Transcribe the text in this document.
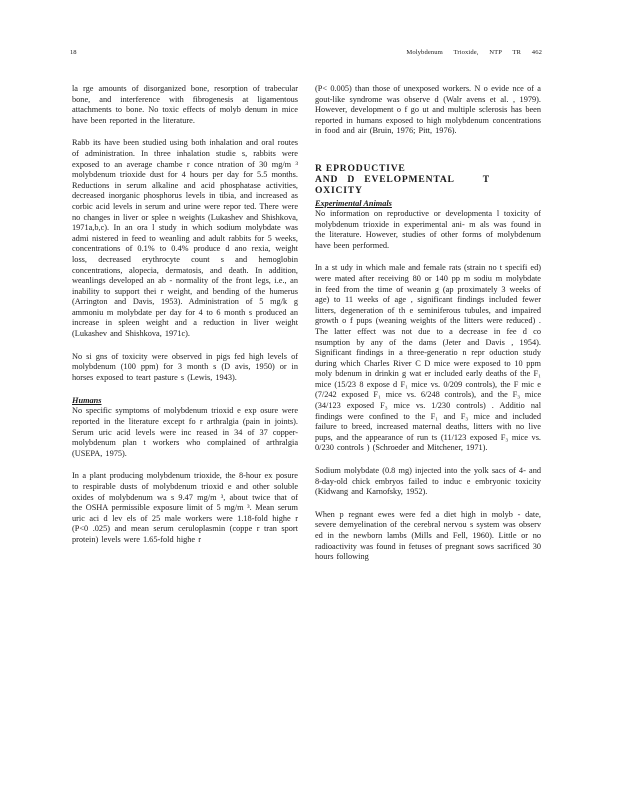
18	Molybdenum Trioxide, NTP TR 462

la rge amounts of disorganized bone, resorption of trabecular bone, and interference with fibrogenesis at ligamentous attachments to bone. No toxic effects of molyb denum in mice have been reported in the literature.

Rabb its have been studied using both inhalation and oral routes of administration. In three inhalation studie s, rabbits were exposed to an average chambe r conce ntration of 30 mg/m ³ molybdenum trioxide dust for 4 hours per day for 5.5 months. Reductions in serum alkaline and acid phosphatase activities, decreased inorganic phosphorus levels in tibia, and increased as corbic acid levels in serum and urine were repor ted. There were no changes in liver or splee n weights (Lukashev and Shishkova, 1971a,b,c). In an ora l study in which sodium molybdate was admi nistered in feed to weanling and adult rabbits for 5 weeks, concentrations of 0.1% to 0.4% produce d ano rexia, weight loss, decreased erythrocyte count s and hemoglobin concentrations, alopecia, dermatosis, and death. In addition, weanlings developed an ab - normality of the front legs, i.e., an inability to support thei r weight, and bending of the humerus (Arrington and Davis, 1953). Administration of 5 mg/k g ammoniu m molybdate per day for 4 to 6 month s produced an increase in spleen weight and a reduction in liver weight (Lukashev and Shishkova, 1971c).

No si gns of toxicity were observed in pigs fed high levels of molybdenum (100 ppm) for 3 month s (D avis, 1950) or in horses exposed to teart pasture s (Lewis, 1943).

Humans

No specific symptoms of molybdenum trioxid e exp osure were reported in the literature except fo r arthralgia (pain in joints). Serum uric acid levels were inc reased in 34 of 37 copper-molybdenum plan t workers who complained of arthralgia (USEPA, 1975).

In a plant producing molybdenum trioxide, the 8-hour ex posure to respirable dusts of molybdenum trioxid e and other soluble oxides of molybdenum wa s 9.47 mg/m ³, about twice that of the OSHA permissible exposure limit of 5 mg/m ³. Mean serum uric aci d lev els of 25 male workers were 1.18-fold highe r (P<0 .025) and mean serum ceruloplasmin (coppe r tran sport protein) levels were 1.65-fold highe r

(P< 0.005) than those of unexposed workers. N o evide nce of a gout-like syndrome was observe d (Walr avens et al. , 1979). However, development o f go ut and multiple sclerosis has been reported in humans exposed to high molybdenum concentrations in food and air (Bruin, 1976; Pitt, 1976).

R EPRODUCTIVE
AND D EVELOPMENTAL	T OXICITY
Experimental Animals

No information on reproductive or developmenta l toxicity of molybdenum trioxide in experimental ani- m als was found in the literature. However, studies of other forms of molybdenum have been performed.

In a st udy in which male and female rats (strain no t specifi ed) were mated after receiving 80 or 140 pp m sodiu m molybdate in feed from the time of weanin g (ap proximately 3 weeks of age) to 11 weeks of age , significant findings included fewer litters, degeneration of th e seminiferous tubules, and impaired growth o f pups (weaning weights of the litters were reduced) . The latter effect was not due to a decrease in fee d co nsumption by any of the dams (Jeter and Davis , 1954). Significant findings in a three-generatio n repr oduction study during which Charles River C D mice were exposed to 10 ppm moly bdenum in drinkin g wat er included early deaths of the F₁ mice (15/23 8 expose d F₁ mice vs. 0/209 controls), the F mic e (7/242 exposed F₁ mice vs. 6/248 controls), and the F₃ mice (34/123 exposed F₃ mice vs. 1/230 controls) . Additio nal findings were confined to the F₁ and F₃ mice and included failure to breed, increased maternal deaths, litters with no live pups, and the appearance of run ts (11/123 exposed F₃ mice vs. 0/230 controls ) (Schroeder and Mitchener, 1971).

Sodium molybdate (0.8 mg) injected into the yolk sacs of 4- and 8-day-old chick embryos failed to induc e embryonic toxicity (Kidwang and Karnofsky, 1952).

When p regnant ewes were fed a diet high in molyb - date, severe demyelination of the cerebral nervou s system was observ ed in the newborn lambs (Mills and Fell, 1960). Little or no radioactivity was found in fetuses of pregnant sows sacrificed 30 hours following
